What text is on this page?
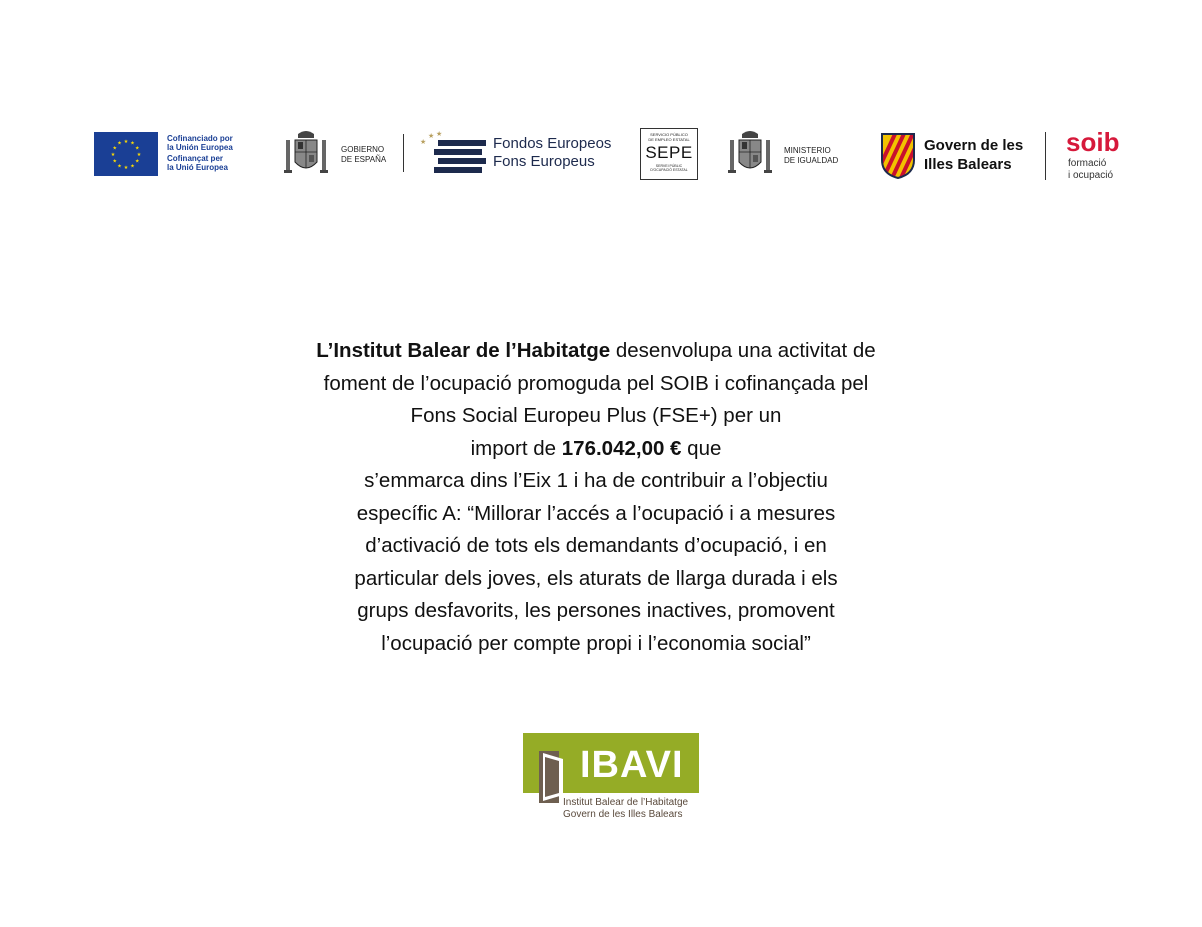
★ ★
★
★
★
★
★
★
★
★
★
★
Cofinanciado por
la Unión Europea
Cofinançat per
la Unió Europea
GOBIERNO
DE ESPAÑA
★
★ ★
Fondos Europeos
Fons Europeus
SERVICIO PÚBLICO
DE EMPLEO ESTATAL
SEPE
SERVEI PÚBLIC
D'OCUPACIÓ ESTATAL
MINISTERIO
DE IGUALDAD
Govern de les
Illes Balears
soib
formació
i ocupació
L’Institut Balear de l’Habitatge desenvolupa una activitat de
foment de l’ocupació promoguda pel SOIB i cofinançada pel
Fons Social Europeu Plus (FSE+) per un
import de 176.042,00 € que
s’emmarca dins l’Eix 1 i ha de contribuir a l’objectiu
específic A: “Millorar l’accés a l’ocupació i a mesures
d’activació de tots els demandants d’ocupació, i en
particular dels joves, els aturats de llarga durada i els
grups desfavorits, les persones inactives, promovent
l’ocupació per compte propi i l’economia social”
IBAVI
Institut Balear de l’Habitatge
Govern de les Illes Balears
